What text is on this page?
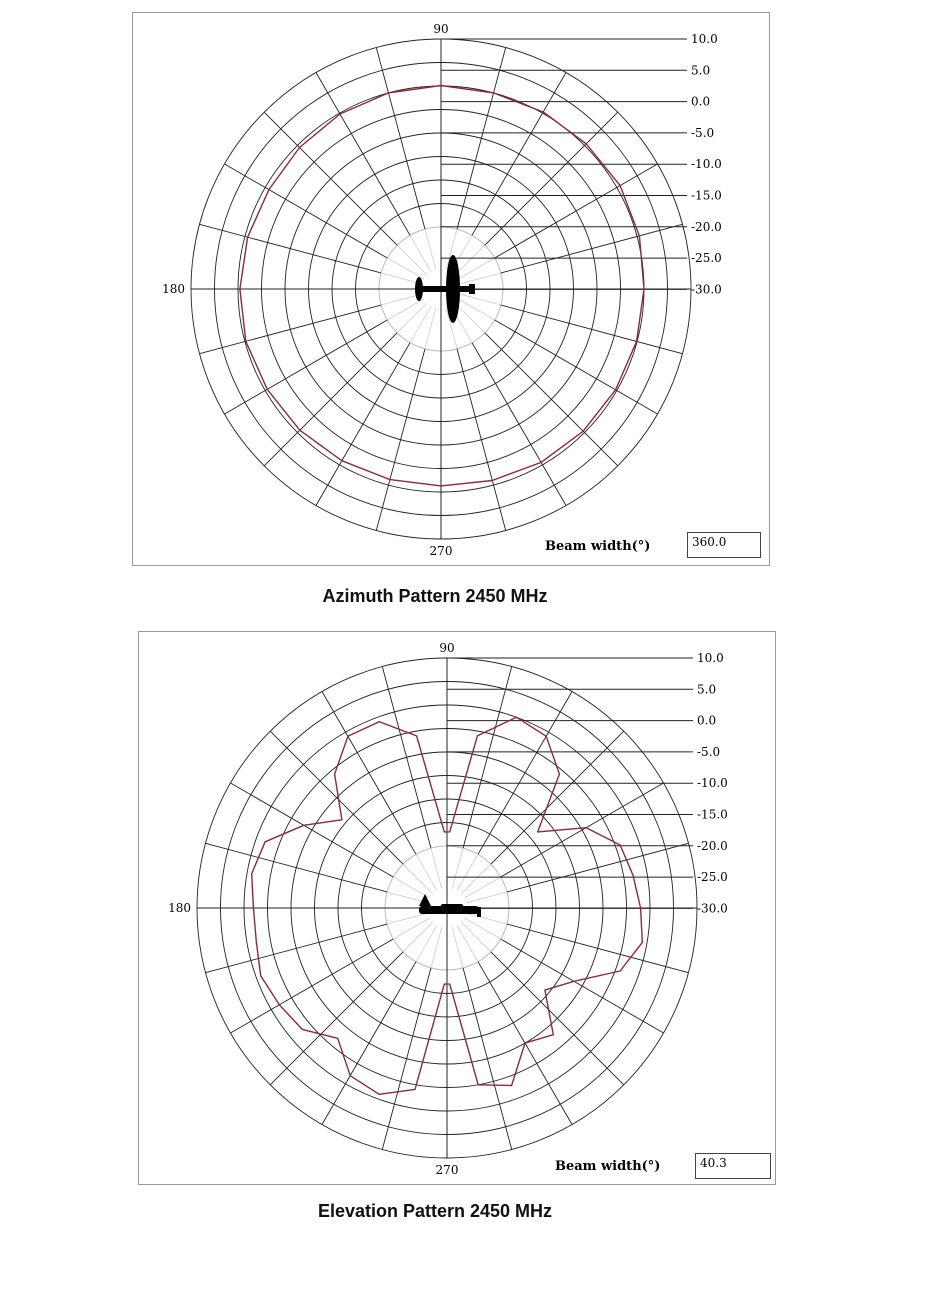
10.0
5.0
0.0
-5.0
-10.0
-15.0
-20.0
-25.0
-30.0
90
180
270	Beam width(°)	360.0
Azimuth Pattern 2450 MHz
10.0
5.0
0.0
-5.0
-10.0
-15.0
-20.0
-25.0
-30.0
90
180
270	Beam width(°)	40.3
Elevation Pattern 2450 MHz
